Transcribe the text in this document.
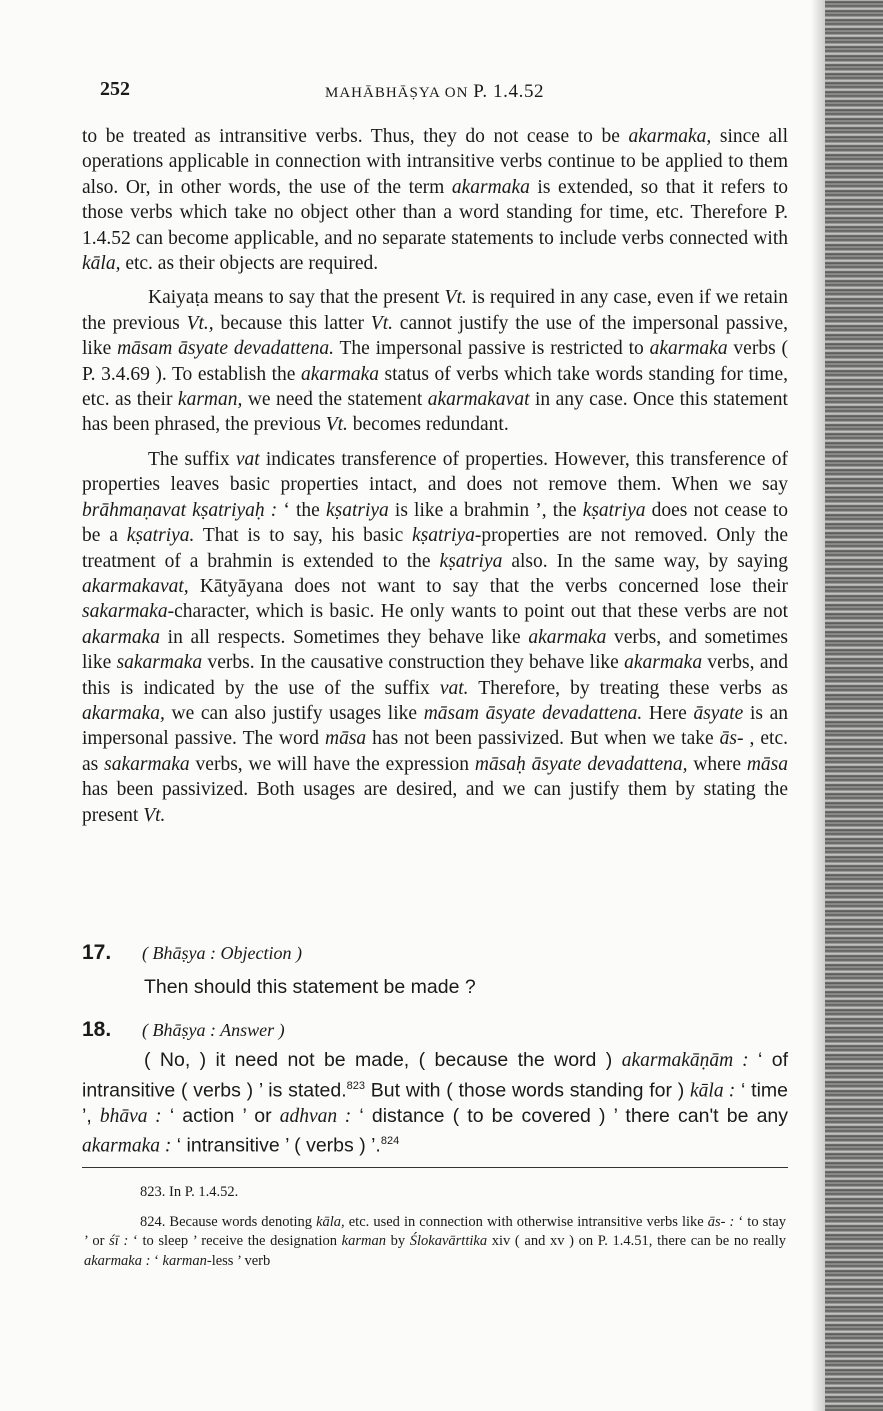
252	MAHĀBHĀṢYA ON P. 1.4.52

to be treated as intransitive verbs. Thus, they do not cease to be akarmaka, since all operations applicable in connection with intransitive verbs continue to be applied to them also. Or, in other words, the use of the term akarmaka is extended, so that it refers to those verbs which take no object other than a word standing for time, etc. Therefore P. 1.4.52 can become applicable, and no separate statements to include verbs connected with kāla, etc. as their objects are required.

Kaiyaṭa means to say that the present Vt. is required in any case, even if we retain the previous Vt., because this latter Vt. cannot justify the use of the impersonal passive, like māsam āsyate devadattena. The impersonal passive is restricted to akarmaka verbs ( P. 3.4.69 ). To establish the akarmaka status of verbs which take words standing for time, etc. as their karman, we need the statement akarmakavat in any case. Once this statement has been phrased, the previous Vt. becomes redundant.

The suffix vat indicates transference of properties. However, this transference of properties leaves basic properties intact, and does not remove them. When we say brāhmaṇavat kṣatriyaḥ : ‘ the kṣatriya is like a brahmin ’, the kṣatriya does not cease to be a kṣatriya. That is to say, his basic kṣatriya-properties are not removed. Only the treatment of a brahmin is extended to the kṣatriya also. In the same way, by saying akarmakavat, Kātyāyana does not want to say that the verbs concerned lose their sakarmaka-character, which is basic. He only wants to point out that these verbs are not akarmaka in all respects. Sometimes they behave like akarmaka verbs, and sometimes like sakarmaka verbs. In the causative construction they behave like akarmaka verbs, and this is indicated by the use of the suffix vat. Therefore, by treating these verbs as akarmaka, we can also justify usages like māsam āsyate devadattena. Here āsyate is an impersonal passive. The word māsa has not been passivized. But when we take ās- , etc. as sakarmaka verbs, we will have the expression māsaḥ āsyate devadattena, where māsa has been passivized. Both usages are desired, and we can justify them by stating the present Vt.

17. ( Bhāṣya : Objection )

Then should this statement be made ?

18. ( Bhāṣya : Answer )

( No, ) it need not be made, ( because the word ) akarmakāṇām : ‘ of intransitive ( verbs ) ’ is stated.$^{823}$ But with ( those words standing for ) kāla : ‘ time ’, bhāva : ‘ action ’ or adhvan : ‘ distance ( to be covered ) ’ there can't be any akarmaka : ‘ intransitive ’ ( verbs ) ’.$^{824}$

823. In P. 1.4.52.

824. Because words denoting kāla, etc. used in connection with otherwise intransitive verbs like ās- : ‘ to stay ’ or śī : ‘ to sleep ’ receive the designation karman by Ślokavārttika xiv ( and xv ) on P. 1.4.51, there can be no really akarmaka : ‘ karman-less ’ verb
